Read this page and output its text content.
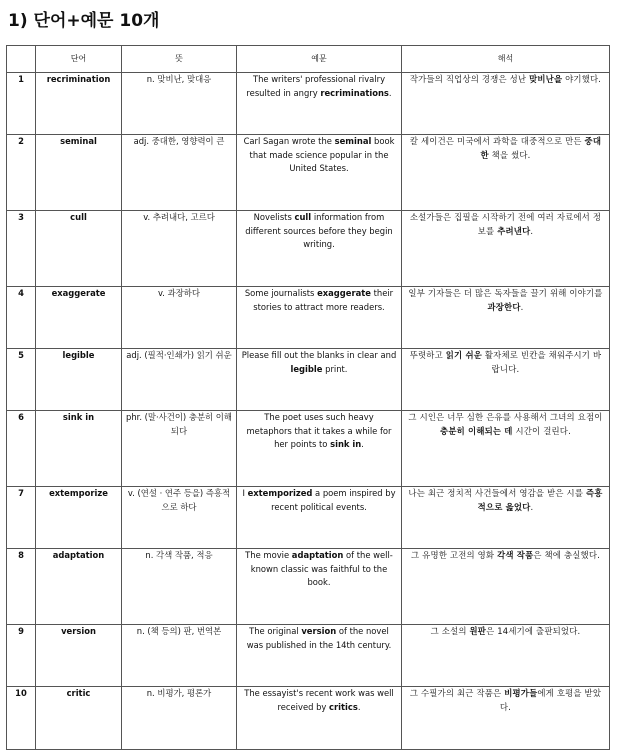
1) 단어+예문 10개
	단어	뜻	예문	해석
1	recrimination	n. 맞비난, 맞대응	The writers' professional rivalry resulted in angry recriminations.	작가들의 직업상의 경쟁은 성난 맞비난을 야기했다.
2	seminal	adj. 중대한, 영향력이 큰	Carl Sagan wrote the seminal book that made science popular in the United States.	칼 세이건은 미국에서 과학을 대중적으로 만든 중대한 책을 썼다.
3	cull	v. 추려내다, 고르다	Novelists cull information from different sources before they begin writing.	소설가들은 집필을 시작하기 전에 여러 자료에서 정보를 추려낸다.
4	exaggerate	v. 과장하다	Some journalists exaggerate their stories to attract more readers.	일부 기자들은 더 많은 독자들을 끌기 위해 이야기를 과장한다.
5	legible	adj. (필적·인쇄가) 읽기 쉬운	Please fill out the blanks in clear and legible print.	뚜렷하고 읽기 쉬운 활자체로 빈칸을 채워주시기 바랍니다.
6	sink in	phr. (말·사건이) 충분히 이해되다	The poet uses such heavy metaphors that it takes a while for her points to sink in.	그 시인은 너무 심한 은유를 사용해서 그녀의 요점이 충분히 이해되는 데 시간이 걸린다.
7	extemporize	v. (연설 · 연주 등을) 즉흥적으로 하다	I extemporized a poem inspired by recent political events.	나는 최근 정치적 사건들에서 영감을 받은 시를 즉흥적으로 읊었다.
8	adaptation	n. 각색 작품, 적응	The movie adaptation of the well-known classic was faithful to the book.	그 유명한 고전의 영화 각색 작품은 책에 충실했다.
9	version	n. (책 등의) 판, 번역본	The original version of the novel was published in the 14th century.	그 소설의 원판은 14세기에 출판되었다.
10	critic	n. 비평가, 평론가	The essayist's recent work was well received by critics.	그 수필가의 최근 작품은 비평가들에게 호평을 받았다.
